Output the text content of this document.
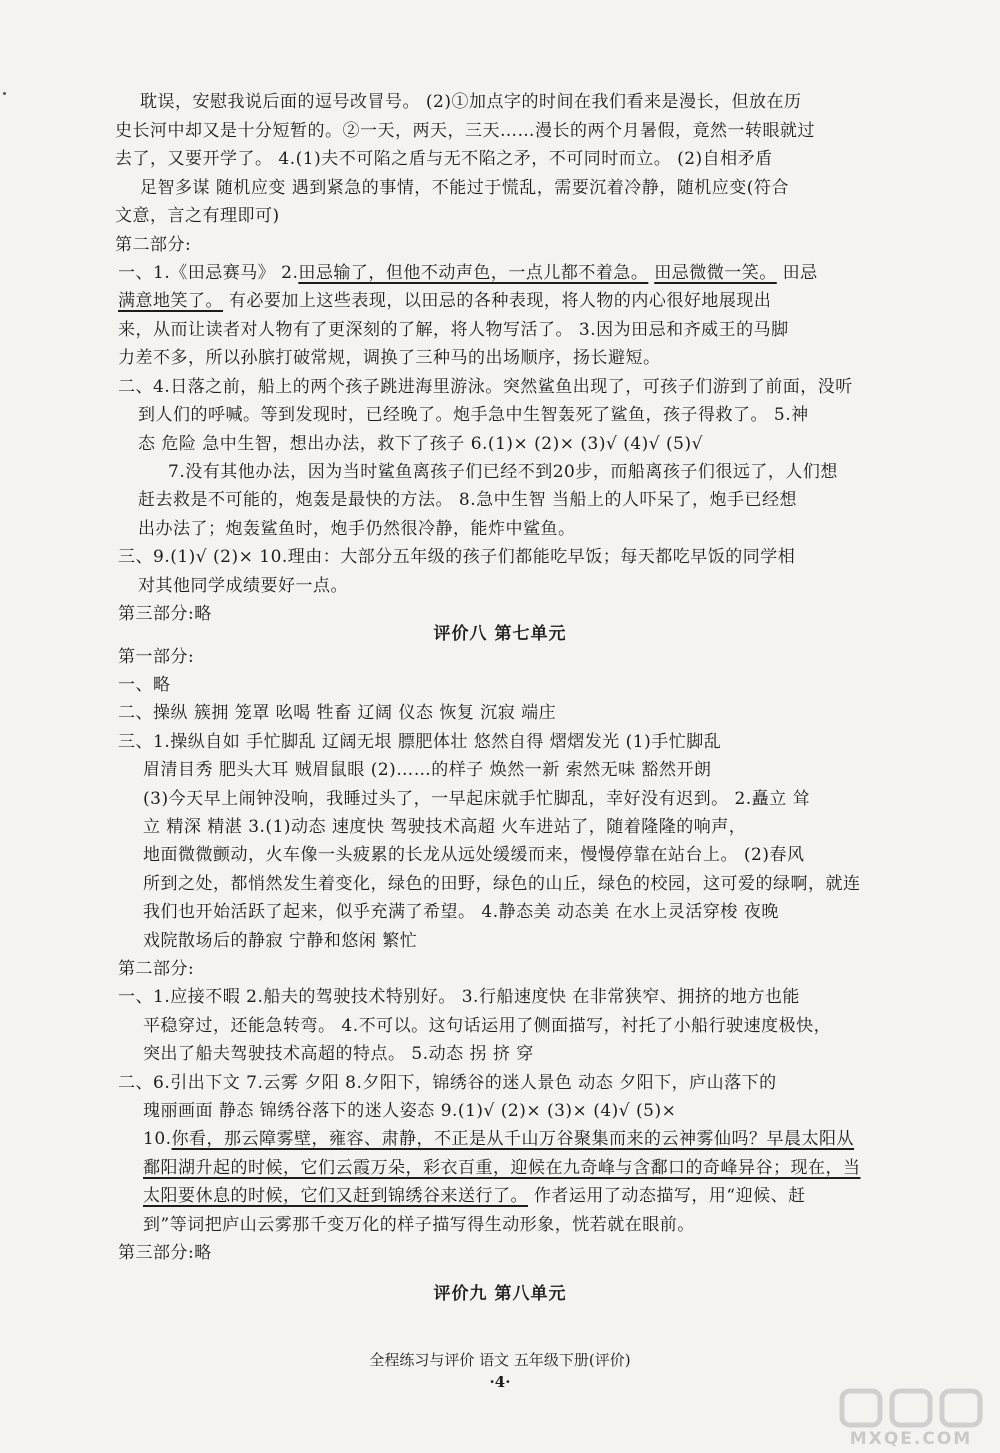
耽误，安慰我说后面的逗号改冒号。 (2)①加点字的时间在我们看来是漫长，但放在历
史长河中却又是十分短暂的。②一天，两天，三天……漫长的两个月暑假，竟然一转眼就过
去了，又要开学了。 4.(1)夫不可陷之盾与无不陷之矛，不可同时而立。 (2)自相矛盾
足智多谋 随机应变 遇到紧急的事情，不能过于慌乱，需要沉着冷静，随机应变(符合
文意，言之有理即可)
第二部分:
一、1.《田忌赛马》 2.田忌输了，但他不动声色，一点儿都不着急。 田忌微微一笑。 田忌
满意地笑了。 有必要加上这些表现，以田忌的各种表现，将人物的内心很好地展现出
来，从而让读者对人物有了更深刻的了解，将人物写活了。 3.因为田忌和齐威王的马脚
力差不多，所以孙膑打破常规，调换了三种马的出场顺序，扬长避短。
二、4.日落之前，船上的两个孩子跳进海里游泳。突然鲨鱼出现了，可孩子们游到了前面，没听
到人们的呼喊。等到发现时，已经晚了。炮手急中生智轰死了鲨鱼，孩子得救了。 5.神
态 危险 急中生智，想出办法，救下了孩子 6.(1)× (2)× (3)√ (4)√ (5)√
7.没有其他办法，因为当时鲨鱼离孩子们已经不到20步，而船离孩子们很远了，人们想
赶去救是不可能的，炮轰是最快的方法。 8.急中生智 当船上的人吓呆了，炮手已经想
出办法了；炮轰鲨鱼时，炮手仍然很冷静，能炸中鲨鱼。
三、9.(1)√ (2)× 10.理由：大部分五年级的孩子们都能吃早饭；每天都吃早饭的同学相
对其他同学成绩要好一点。
第三部分:略
评价八 第七单元
第一部分:
一、略
二、操纵 簇拥 笼罩 吆喝 牲畜 辽阔 仪态 恢复 沉寂 端庄
三、1.操纵自如 手忙脚乱 辽阔无垠 膘肥体壮 悠然自得 熠熠发光 (1)手忙脚乱
眉清目秀 肥头大耳 贼眉鼠眼 (2)……的样子 焕然一新 索然无味 豁然开朗
(3)今天早上闹钟没响，我睡过头了，一早起床就手忙脚乱，幸好没有迟到。 2.矗立 耸
立 精深 精湛 3.(1)动态 速度快 驾驶技术高超 火车进站了，随着隆隆的响声，
地面微微颤动，火车像一头疲累的长龙从远处缓缓而来，慢慢停靠在站台上。 (2)春风
所到之处，都悄然发生着变化，绿色的田野，绿色的山丘，绿色的校园，这可爱的绿啊，就连
我们也开始活跃了起来，似乎充满了希望。 4.静态美 动态美 在水上灵活穿梭 夜晚
戏院散场后的静寂 宁静和悠闲 繁忙
第二部分:
一、1.应接不暇 2.船夫的驾驶技术特别好。 3.行船速度快 在非常狭窄、拥挤的地方也能
平稳穿过，还能急转弯。 4.不可以。这句话运用了侧面描写，衬托了小船行驶速度极快，
突出了船夫驾驶技术高超的特点。 5.动态 拐 挤 穿
二、6.引出下文 7.云雾 夕阳 8.夕阳下，锦绣谷的迷人景色 动态 夕阳下，庐山落下的
瑰丽画面 静态 锦绣谷落下的迷人姿态 9.(1)√ (2)× (3)× (4)√ (5)×
10.你看，那云障雾壁，雍容、肃静，不正是从千山万谷聚集而来的云神雾仙吗？早晨太阳从
鄱阳湖升起的时候，它们云霞万朵，彩衣百重，迎候在九奇峰与含鄱口的奇峰异谷；现在，当
太阳要休息的时候，它们又赶到锦绣谷来送行了。 作者运用了动态描写，用“迎候、赶
到”等词把庐山云雾那千变万化的样子描写得生动形象，恍若就在眼前。
第三部分:略
评价九 第八单元
全程练习与评价 语文 五年级下册(评价)
·4·
MXQE.COM
